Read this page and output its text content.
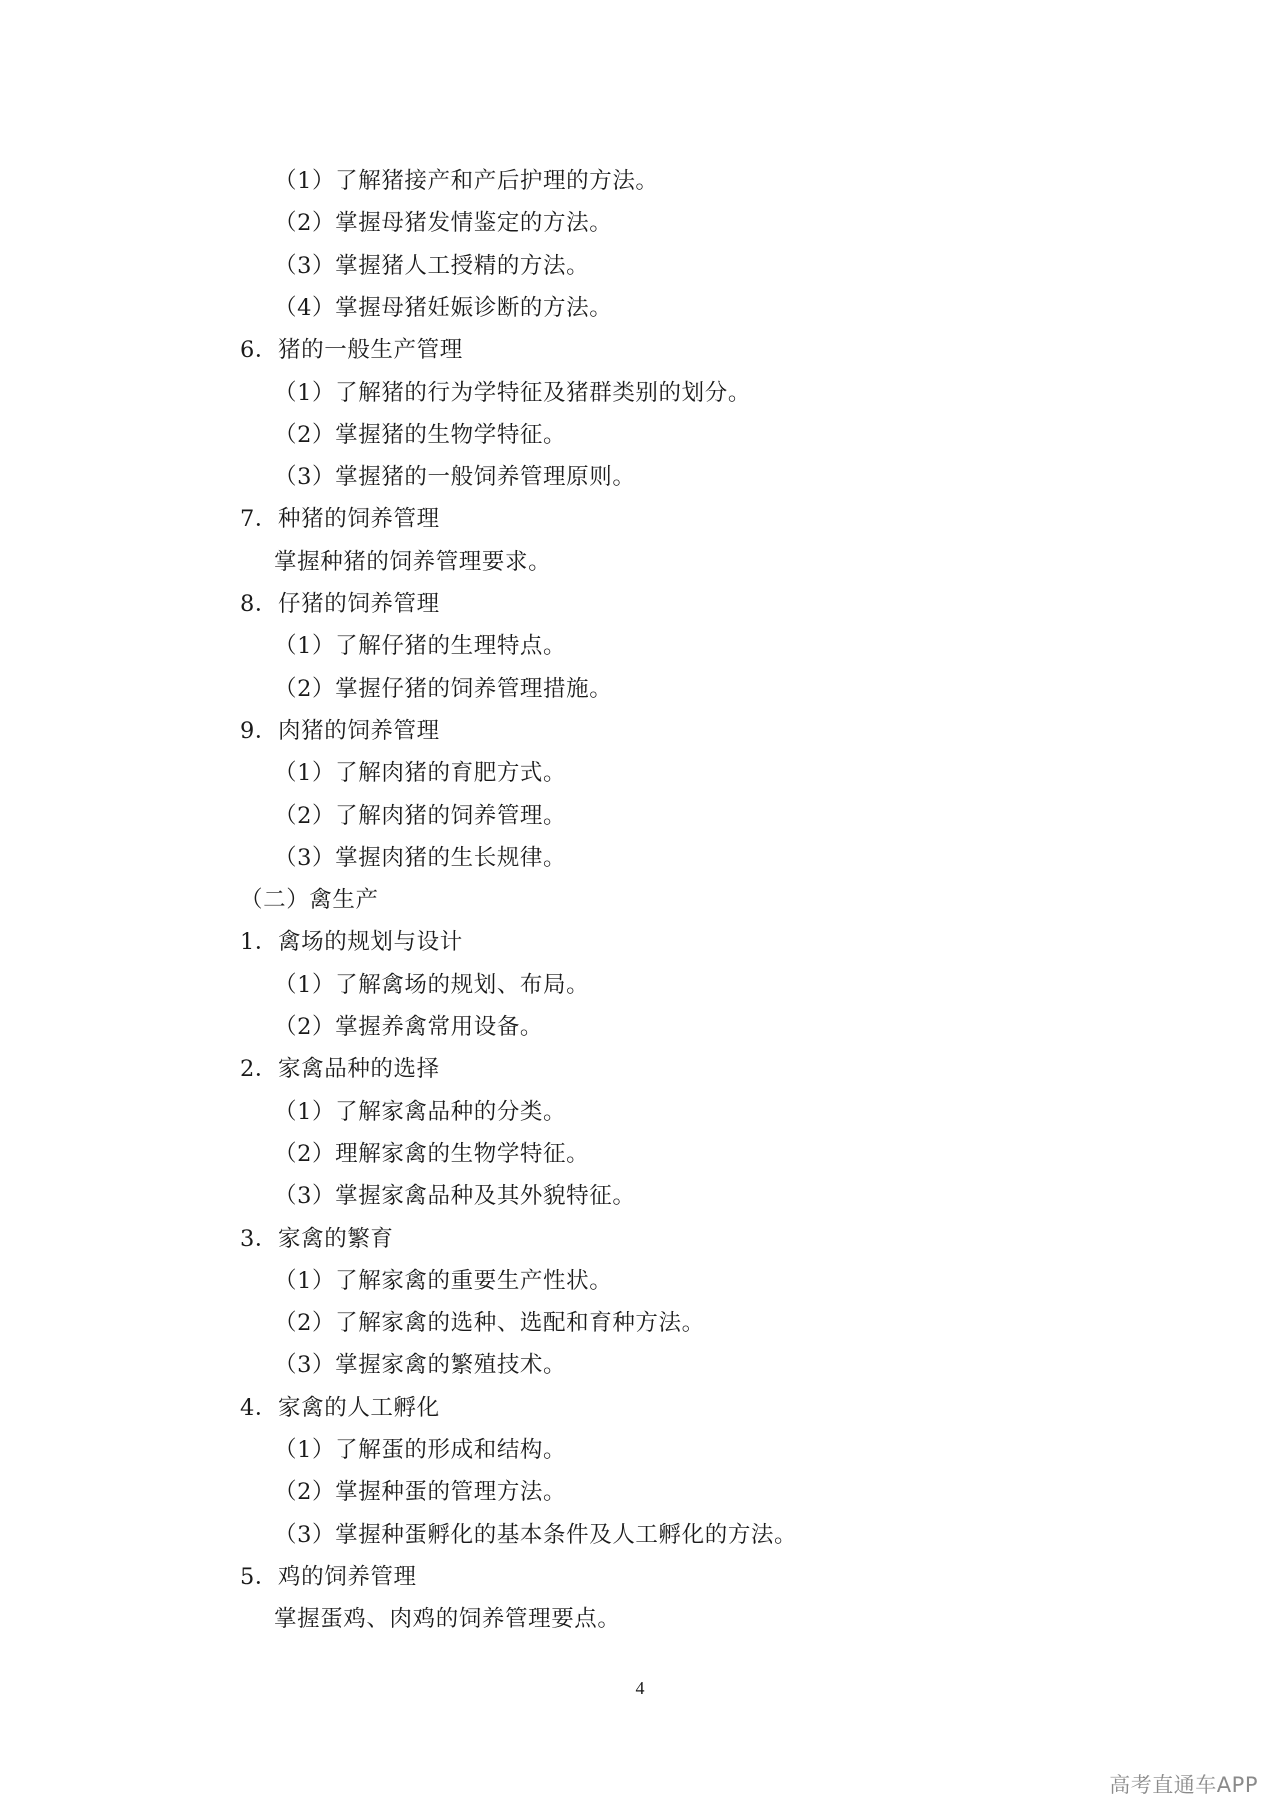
（1）了解猪接产和产后护理的方法。
（2）掌握母猪发情鉴定的方法。
（3）掌握猪人工授精的方法。
（4）掌握母猪妊娠诊断的方法。
6．猪的一般生产管理
（1）了解猪的行为学特征及猪群类别的划分。
（2）掌握猪的生物学特征。
（3）掌握猪的一般饲养管理原则。
7．种猪的饲养管理
掌握种猪的饲养管理要求。
8．仔猪的饲养管理
（1）了解仔猪的生理特点。
（2）掌握仔猪的饲养管理措施。
9．肉猪的饲养管理
（1）了解肉猪的育肥方式。
（2）了解肉猪的饲养管理。
（3）掌握肉猪的生长规律。
（二）禽生产
1．禽场的规划与设计
（1）了解禽场的规划、布局。
（2）掌握养禽常用设备。
2．家禽品种的选择
（1）了解家禽品种的分类。
（2）理解家禽的生物学特征。
（3）掌握家禽品种及其外貌特征。
3．家禽的繁育
（1）了解家禽的重要生产性状。
（2）了解家禽的选种、选配和育种方法。
（3）掌握家禽的繁殖技术。
4．家禽的人工孵化
（1）了解蛋的形成和结构。
（2）掌握种蛋的管理方法。
（3）掌握种蛋孵化的基本条件及人工孵化的方法。
5．鸡的饲养管理
掌握蛋鸡、肉鸡的饲养管理要点。
4
高考直通车APP
